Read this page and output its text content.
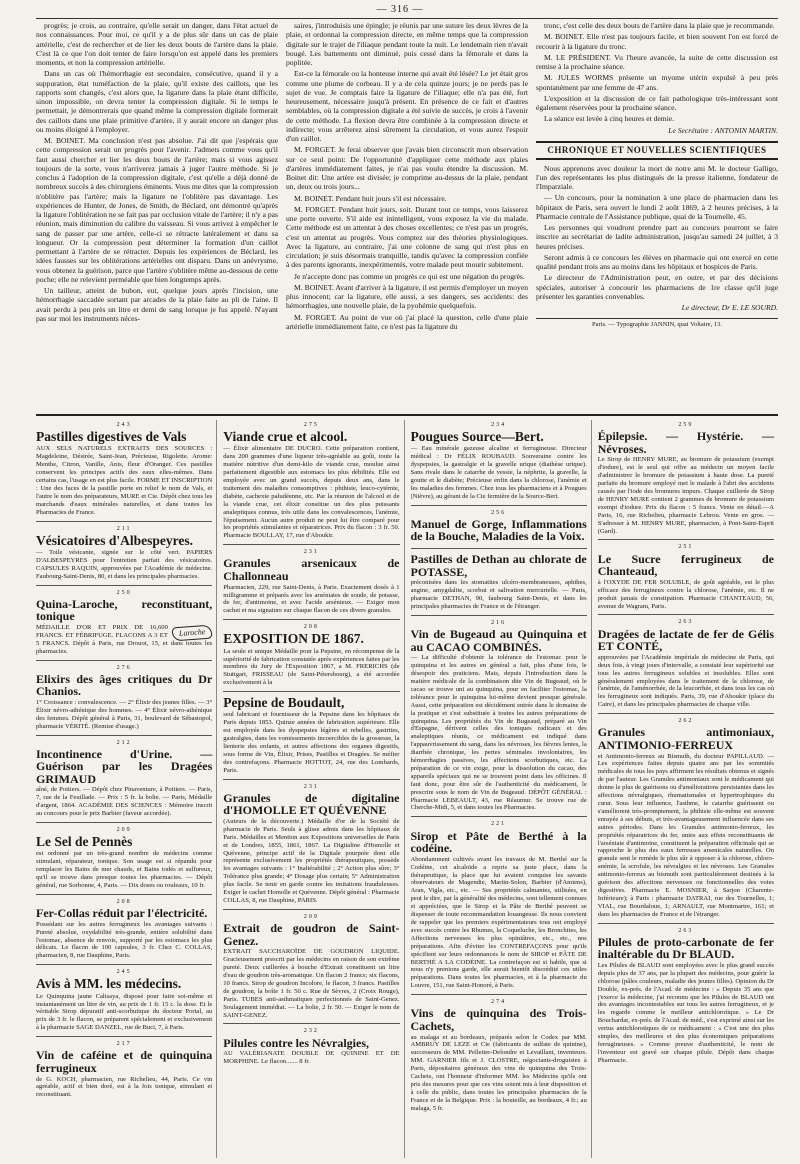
— 316 —

progrès; je crois, au contraire, qu'elle serait un danger, dans l'état actuel de nos connaissances. Pour moi, ce qu'il y a de plus sûr dans un cas de plaie artérielle, c'est de rechercher et de lier les deux bouts de l'artère dans la plaie. C'est là ce que l'on doit tenter de faire lorsqu'on est appelé dans les premiers moments, et non la compression artérielle.

Dans un cas où l'hémorrhagie est secondaire, consécutive, quand il y a suppuration, état tuméfaction de la plaie, qu'il existe des caillots, que les rapports sont changés, c'est alors que, la ligature dans la plaie étant difficile, sinon impossible, on devra tenter la compression digitale. Si le temps le permettait, je démontrerais que quand même la compression digitale formerait des caillots dans une plaie primitive d'artère, il y aurait encore un danger plus ou moins éloigné à l'employer.

M. BOINET. Ma conclusion n'est pas absolue. J'ai dit que j'espérais que cette compression serait un progrès pour l'avenir. J'admets comme vous qu'il faut aussi chercher et lier les deux bouts de l'artère; mais si vous agissez toujours de la sorte, vous n'arriverez jamais à juger l'autre méthode. Si je conclus à l'adoption de la compression digitale, c'est qu'elle a déjà donné de nombreux succès à des chirurgiens éminents. Vous me dites que la compression n'oblitère pas l'artère; mais la ligature ne l'oblitère pas davantage. Les expériences de Hunter, de Jones, de Smith, de Béclard, ont démontré qu'après la ligature l'oblitération ne se fait pas par occlusion vitale de l'artère; il n'y a pas réunion, mais diminution du calibre du vaisseau. Si vous arrivez à empêcher le sang de passer par une artère, celle-ci se rétracte latéralement et dans sa longueur. Or la compression peut déterminer la formation d'un caillot permettant à l'artère de se rétracter. Depuis les expériences de Béclard, les idées fausses sur les oblitérations artérielles ont disparu. Dans un anévrysme, vous obtenez la guérison, parce que l'artère s'oblitère même au-dessous de cette poche; elle ne relevient perméable que bien longtemps après.

Un tailleur, atteint de bubon, eut, quelque jours après l'incision, une hémorrhagie saccadée sortant par arcades de la plaie faite au pli de l'aine. Il avait perdu à peu près un litre et demi de sang lorsque je fus appelé. N'ayant pas sur moi les instruments néces-

saires, j'introduisis une épingle; je réunis par une suture les deux lèvres de la plaie, et ordonnai la compression directe, en même temps que la compression digitale sur le trajet de l'iliaque pendant toute la nuit. Le lendemain rien n'avait bougé. Les battements ont diminué, puis cessé dans la fémorale et dans la poplitée.

Est-ce la fémorale ou la honteuse interne qui avait été lésée? Le jet était gros comme une plume de corbeau. Il y a de cela quinze jours; je ne perds pas le sujet de vue. Je comptais faire la ligature de l'iliaque; elle n'a pas été, fort heureusement, nécessaire jusqu'à présent. En présence de ce fait et d'autres semblables, où la compression digitale a été suivie de succès, je crois à l'avenir de cette méthode. La flexion devra être combinée à la compression directe et indirecte; vous arrêterez ainsi sûrement la circulation, et vous aurez l'espoir d'un caillot.

M. FORGET. Je ferai observer que j'avais bien circonscrit mon observation sur ce seul point: De l'opportunité d'appliquer cette méthode aux plaies d'artères immédiatement faites, je n'ai pas voulu étendre la discussion. M. Boinet dit: Une artère est divisée; je comprime au-dessus de la plaie, pendant un, deux ou trois jours...

M. BOINET. Pendant huit jours s'il est nécessaire.

M. FORGET. Pendant huit jours, soit. Durant tout ce temps, vous laisserez une porte ouverte. S'il aide est inintelligent, vous exposez la vie du malade. Cette méthode est un attentat à des choses excellentes; ce n'est pas un progrès, c'est un attentat au progrès. Vous comptez sur des théories physiologiques. Avec la ligature, au contraire, j'ai une colonne de sang qui n'est plus en circulation; je suis désormais tranquille, tandis qu'avec la compression confiée à des parents ignorants, inexpérimentés, votre malade peut mourir subitement.

Je n'accepte donc pas comme un progrès ce qui est une négation du progrès.

M. BOINET. Avant d'arriver à la ligature, il est permis d'employer un moyen plus innocent; car la ligature, elle aussi, a ses dangers, ses accidents: des hémorrhagies, une nouvelle plaie, de la pyohémie quelquefois.

M. FORGET. Au point de vue où j'ai placé la question, celle d'une plaie artérielle immédiatement faite, ce n'est pas la ligature du

tronc, c'est celle des deux bouts de l'artère dans la plaie que je recommande.

M. BOINET. Elle n'est pas toujours facile, et bien souvent l'on est forcé de recourir à la ligature du tronc.

M. LE PRÉSIDENT. Vu l'heure avancée, la suite de cette discussion est remise à la prochaine séance.

M. JULES WORMS présente un myome utérin expulsé à peu près spontanément par une femme de 47 ans.

L'exposition et la discussion de ce fait pathologique très-intéressant sont également réservées pour la prochaine séance.

La séance est levée à cinq heures et demie.

Le Secrétaire : ANTONIN MARTIN.
CHRONIQUE ET NOUVELLES SCIENTIFIQUES

Nous apprenons avec douleur la mort de notre ami M. le docteur Galligo, l'un des représentants les plus distingués de la presse italienne, fondateur de l'Imparziale.

— Un concours, pour la nomination à une place de pharmacien dans les hôpitaux de Paris, sera ouvert le lundi 2 août 1869, à 2 heures précises, à la Pharmacie centrale de l'Assistance publique, quai de la Tournelle, 45.

Les personnes qui voudront prendre part au concours pourront se faire inscrire au secrétariat de ladite administration, jusqu'au samedi 24 juillet, à 3 heures précises.

Seront admis à ce concours les élèves en pharmacie qui ont exercé en cette qualité pendant trois ans au moins dans les hôpitaux et hospices de Paris.

Le directeur de l'Administration peut, en outre, et par des décisions spéciales, autoriser à concourir les pharmaciens de 1re classe qu'il juge présenter les garanties convenables.

Le directeur, Dr E. LE SOURD.
Paris. — Typographie JANNIN, quai Voltaire, 13.
243
Pastilles digestives de Vals

AUX SELS NATURELS EXTRAITS DES SOURCES : Magdeleine, Désirée, Saint-Jean, Précieuse, Rigolette. Arome: Menthe, Citron, Vanille, Anis, fleur d'Oranger. Ces pastilles conservent les principes actifs des eaux elles-mêmes. Dans certains cas, l'usage en est plus facile. FORME ET INSCRIPTION : Une des faces de la pastille porte en relief le nom de Vals, et l'autre le nom des préparateurs, MURE et Cie. Dépôt chez tous les marchands d'eaux minérales naturelles, et dans toutes les Pharmacies de France.

211
Vésicatoires d'Albespeyres.

— Toile vésicante, signée sur le côté vert. PAPIERS D'ALBESPEYRES pour l'entretien parfait des vésicatoires. CAPSULES RAQUIN, approuvées par l'Académie de médecine. Faubourg-Saint-Denis, 80, et dans les principales pharmacies.

250
Quina-Laroche, reconstituant, tonique
Laroche

MÉDAILLE D'OR ET PRIX DE 16,600 FRANCS. ET FÉBRIFUGE. FLACONS A 3 ET 5 FRANCS. Dépôt à Paris, rue Drouot, 15, et dans toutes les pharmacies.

276
Elixirs des âges critiques du Dr Chanios.

1° Croissance : convalescence. — 2° Élixir des jeunes filles. — 3° Élixir névro-athénique des hommes. — 4° Élixir névro-athénique des femmes. Dépôt général à Paris, 31, boulevard de Sébastopol, pharmacie VÉRITÉ. (Remise d'usage.)

212
Incontinence d'Urine. — Guérison par les Dragées GRIMAUD

aîné, de Poitiers. — Dépôt chez Pinaventure, à Poitiers. — Paris, 7, rue de la Feuillade. — Prix : 5 fr. la boîte. — Paris, Médaille d'argent, 1864. ACADÉMIE DES SCIENCES : Mémoire inscrit au concours pour le prix Barbier (faveur accordée).

209
Le Sel de Pennès

est ordonné par un très-grand nombre de médecins comme stimulant, réparateur, tonique. Son usage est si répandu pour remplacer les Bains de mer chauds, et Bains iodés et sulfureux, qu'il se trouve dans presque toutes les pharmacies. — Dépôt général, rue Sorbonne, 4, Paris. — Dix doses ou rouleaux, 10 fr.

208
Fer-Collas réduit par l'électricité.

Possédant sur les autres ferrugineux les avantages suivants : Pureté absolue, oxydabilité très-grande, entière solubilité dans l'estomac, absence de renvois, supporté par les estomacs les plus délicats. Le flacon de 100 capsules, 3 fr. Chez C. COLLAS, pharmacien, 8, rue Dauphine, Paris.

245
Avis à MM. les médecins.

Le Quinquina jaune Calisaya, disposé pour faire soi-même et instantanément un litre de vin, au prix de 1 fr. 15 c. la dose. Et le véritable Sirop dépuratif anti-scorbutique du docteur Portal, au prix de 3 fr. le flacon, se préparent spécialement et exclusivement à la pharmacie SAGE DANZEL, rue de Buci, 7, à Paris.

217
Vin de caféine et de quinquina ferrugineux

de G. KOCH, pharmacien, rue Richelieu, 44, Paris. Ce vin agréable, actif et bien doré, est à la fois tonique, stimulant et reconstituant.

275
Viande crue et alcool.

— Élixir alimentaire DE DUCRO. Cette préparation contient, dans 200 grammes d'une liqueur très-agréable au goût, toute la matière nutritive d'un demi-kilo de viande crue, moulue ainsi parfaitement digestible aux estomacs les plus débilités. Elle est employée avec un grand succès, depuis deux ans, dans le traitement des maladies consomptives : phthisie, leuco-cytémie, diabète, cachexie paludéenne, etc. Par la réunion de l'alcool et de la viande crue, cet élixir constitue un des plus puissants analeptiques connus, très utile dans les convalescences, l'anémie, l'épuisement. Aucun autre produit ne peut lui être comparé pour les propriétés stimulantes et réparatrices. Prix du flacon : 3 fr. 50. Pharmacie BOULLAY, 17, rue d'Aboukir.

231
Granules arsenicaux de Challonneau

Pharmacien, 229, rue Saint-Denis, à Paris. Exactement dosés à 1 milligramme et préparés avec les arséniates de soude, de potasse, de fer, d'antimoine, et avec l'acide arsénieux. — Exiger mon cachet et ma signature sur chaque flacon de ces divers granules.

208
EXPOSITION DE 1867.

La seule et unique Médaille pour la Pepsine, en récompense de la supériorité de fabrication constatée après expériences faites par les membres du Jury de l'Exposition 1867, a M. FRERICHS (de Stuttgart, FRISSEAU (de Saint-Pétersbourg), a été accordée exclusivement à la

Pepsine de Boudault,

seul fabricant et fournisseur de la Pepsine dans les hôpitaux de Paris depuis 1853. Quinze années de fabrication supérieure. Elle est employée dans les dyspepsies légères et rebelles, gastrites, gastralgies, dans les vomissements incoercibles de la grossesse, la lienterie des enfants, et autres affections des organes digestifs, sous forme de Vin, Élixir, Prises, Pastilles et Dragées. Se méfier des contrefaçons. Pharmacie HOTTOT, 24, rue des Lombards, Paris.

231
Granules de digitaline d'HOMOLLE ET QUÉVENNE

(Auteurs de la découverte.) Médaille d'or de la Société de pharmacie de Paris. Seuls à glisse admis dans les hôpitaux de Paris. Médailles et Mention aux Expositions universelles de Paris et de Londres, 1855, 1861, 1867. La Digitaline d'Homolle et Quévenne, principe actif de la Digitale pourprée dont elle représente exclusivement les propriétés thérapeutiques, possède les avantages suivants : 1° Inaltérabilité ; 2° Action plus sûre; 3° Tolérance plus grande; 4° Dosage plus certain; 5° Administration plus facile. Se tenir en garde contre les imitations frauduleuses. Exiger le cachet Homolle et Quévenne. Dépôt général : Pharmacie COLLAS, 8, rue Dauphine, PARIS.

209
Extrait de goudron de Saint-Genez.

EXTRAIT SACCHAROÏDE DE GOUDRON LIQUIDE. Gracieusement prescrit par les médecins en raison de son extrême pureté. Deux cuillerées à bouche d'Extrait constituent un litre d'eau de goudron très-aromatique. Un flacon 2 francs; six flacons, 10 francs. Sirop de goudron Incolore, le flacon, 3 francs. Pastilles de goudron, la boîte 1 fr. 50 c. Rue de Sèvres, 2 (Croix Rouge), Paris. TUBES anti-asthmatiques perfectionnés de Saint-Genez. Soulagement immédiat. — La boîte, 2 fr. 50. — Exiger le nom de SAINT-GENEZ.

232
Pilules contre les Névralgies,

AU VALÉRIANATE DOUBLE DE QUININE ET DE MORPHINE. Le flacon....... 8 fr.

234
Pougues Source—Bert.

— Eau minérale gazeuse alcaline et ferrugineuse. Directeur médical : Dr FÉLIX ROUBAUD. Souveraine contre les dyspepsies, la gastralgie et la gravelle urique (diathèse urique). Sans rivale dans le catarrhe de vessie, la néphrite, la gravelle, la goutte et le diabète; Précieuse enfin dans la chlorose, l'anémie et les maladies des femmes. Chez tous les pharmaciens et à Pougues (Nièvre), au gérant de la Cie fermière de la Source-Bert.

256
Manuel de Gorge, Inflammations de la Bouche, Maladies de la Voix.
Pastilles de Dethan au chlorate de POTASSE,

préconisées dans les stomatites ulcéro-membraneuses, aphthes, angine, amygdalite, scorbut et salivation mercurielle. — Paris, pharmacie DETHAN, 90, faubourg Saint-Denis, et dans les principales pharmacies de France et de l'étranger.

216
Vin de Bugeaud au Quinquina et au CACAO COMBINÉS.

— La difficulté d'obtenir la tolérance de l'estomac pour le quinquina et les autres en général a fait, plus d'une fois, le désespoir des praticiens. Mais, depuis l'introduction dans la matière médicale de la combinaison dite Vin de Bugeaud, où le cacao se trouve uni au quinquina, pour en faciliter l'estomac, la tolérance pour le quinquina lui-même devient presque générale. Aussi, cette préparation est décidément entrée dans le domaine de la pratique et s'est substituée à toutes les autres préparations de quinquina. Les propriétés du Vin de Bugeaud, préparé au Vin d'Espagne, dérivent celles des toniques radicaux et des analeptiques réunis, ce médicament est indiqué dans l'appauvrissement du sang, dans les névroses, les fièvres lentes, la diarrhée chronique, les pertes séminales involontaires, les hémorrhagies passives, les affections scorbutiques, etc. La préparation de ce vin exige, pour la dissolution du cacao, des appareils spéciaux qui ne se trouvent point dans les officines. Il faut donc, pour être sûr de l'authenticité du médicament, le prescrire sous le nom de Vin de Bugeaud. DÉPÔT GÉNÉRAL : Pharmacie LEBEAULT, 43, rue Réaumur. Se trouve rue de Cherche-Midi, 5, et dans toutes les Pharmacies.

221
Sirop et Pâte de Berthé à la codéine.

Abondamment cultivés avant les travaux de M. Berthé sur la Codéine, cet alcaloïde a repris sa juste place, dans la thérapeutique, la place que lui avaient conquise les savants observateurs de Magendie, Martin-Solon, Barbier (d'Amiens), Aran, Vigla, etc., etc. — Ses propriétés calmantes, utilisées, en peut le dire, par la généralité des médecins, sont tellement connues et appréciées, que le Sirop et la Pâte de Berthé peuvent se dispenser de toute recommandation louangeuse. Ils nous convient de rappeler que les premiers expérimentateurs tous ont employé avec succès contre les Rhumes, la Coqueluche, les Bronchites, les Affections nerveuses les plus opiniâtres, etc., etc., nos préparations. Afin d'éviter les CONTREFAÇONS pour qu'ils spécifient sur leurs ordonnances le nom de SIROP et PÂTE DE BERTHÉ A LA CODÉINE. La contrefaçon est si habile, que si nous n'y prenions garde, elle aurait bientôt discrédité ces utiles préparations. Dans toutes les pharmacies, et à la pharmacie du Louvre, 151, rue Saint-Honoré, à Paris.

274
Vins de quinquina des Trois-Cachets,

au malaga et au bordeaux, préparés selon le Codex par MM. AMBRUY DE LEZE et Cie (fabricants de sulfate de quinine), successeurs de MM. Pelletier-Delondre et Levaillant, inventeurs. MM. GARNIER fils et J. CLOSTRE, négociants-droguistes à Paris, dépositaires généraux des vins de quinquina des Trois-Cachets, ont l'honneur d'informer MM. les Médecins qu'ils ont pris des mesures pour que ces vins soient mis à leur disposition et à celle du public, dans toutes les principales pharmacies de la France et de la Belgique. Prix : la bouteille, au bordeaux, 4 fr.; au malaga, 5 fr.

259
Épilepsie. — Hystérie. — Névroses.

Le Sirop de HENRY MURE, au bromure de potassium (exempt d'iodure), est le seul qui offre au médecin un moyen facile d'administrer le bromure de potassium à haute dose. La pureté parfaite du bromure employé met le malade à l'abri des accidents causés par l'iode des bromures impurs. Chaque cuillerée de Sirop de HENRY MURE contient 2 grammes de bromure de potassium exempt d'iodure. Prix du flacon : 5 francs. Vente en détail.—A Paris, 16, rue Richelieu, pharmacie Lebrou. Vente en gros. — S'adresser à M. HENRY MURE, pharmacien, à Pont-Saint-Esprit (Gard).

251
Le Sucre ferrugineux de Chanteaud,

à l'OXYDE DE FER SOLUBLE, de goût agréable, est le plus efficace des ferrugineux contre la chlorose, l'anémie, etc. Il ne produit jamais de constipation. Pharmacie CHANTEAUD, 56, avenue de Wagram, Paris.

263
Dragées de lactate de fer de Gélis ET CONTÉ,

approuvées par l'Académie impériale de médecine de Paris, qui deux fois, à vingt jours d'intervalle, a constaté leur supériorité sur tous les autres ferrugineux solubles et insolubles. Elles sont généralement employées dans le traitement de la chlorose, de l'anémie, de l'aménorrhée, de la leucorrhée, et dans tous les cas où les ferrugineux sont indiqués. Paris, 39, rue d'Aboukir (place du Caire), et dans les principales pharmacies de chaque ville.

262
Granules antimoniaux, ANTIMONIO-FERREUX

et Antimonio-ferreux au Bismuth, du docteur PAPILLAUD. — Les expériences faites depuis quatre ans par les sommités médicales de tous les pays affirment les résultats obtenus et signés de par l'auteur. Les Granules antimoniaux sont le médicament qui donne le plus de guérisons ou d'améliorations persistantes dans les affections névralgiques, rhumatismales et hypertrophiques du cœur. Sous leur influence, l'asthme, le catarrhe guérissent ou s'améliorent très-promptement, la phthisie elle-même est souvent enrayée à ses débuts, et très-avantageusement influencée dans ses autres périodes. Dans les Granules antimonio-ferreux, les propriétés réparatrices du fer, unies aux effets reconstituants de l'arséniate d'antimoine, constituent la préparation officinale qui se rapproche le plus des eaux ferreuses arsenicales naturelles. On granule sent le remède le plus sûr à opposer à la chlorose, chloro-anémie, la scrofule, les névralgies et les névroses. Les Granules antimonio-ferreux au bismuth sont particulièrement destinés à la guérison des affections nerveuses ou fonctionnelles des voies digestives. Pharmacie E. MOSNIER, à Sarjon (Charente-Inférieure); à Paris : pharmacie DATRAI, rue des Tournelles, 1; VIAL, rue Bourdaloue, 1; ARNAULT, rue Montmartre, 161; et dans les pharmacies de France et de l'étranger.

263
Pilules de proto-carbonate de fer inaltérable du Dr BLAUD.

Les Pilules de BLAUD sont employées avec le plus grand succès depuis plus de 37 ans, par la plupart des médecins, pour guérir la chlorose (pâles couleurs, maladie des jeunes filles). Opinion du Dr Double, ex-prés. de l'Acad. de médecine : « Depuis 35 ans que j'exerce la médecine, j'ai reconnu que les Pilules de BLAUD ont des avantages incontestables sur tous les autres ferrugineux, et je les regarde comme le meilleur antichlorotique. » Le Dr Bouchardat, ex-prés. de l'Acad. de méd., s'est exprimé ainsi sur les vertus antichlorotiques de ce médicament : « C'est une des plus simples, des meilleures et des plus économiques préparations ferrugineuses. » Comme preuve d'authenticité, le nom de l'inventeur est gravé sur chaque pilule. Dépôt dans chaque Pharmacie.
